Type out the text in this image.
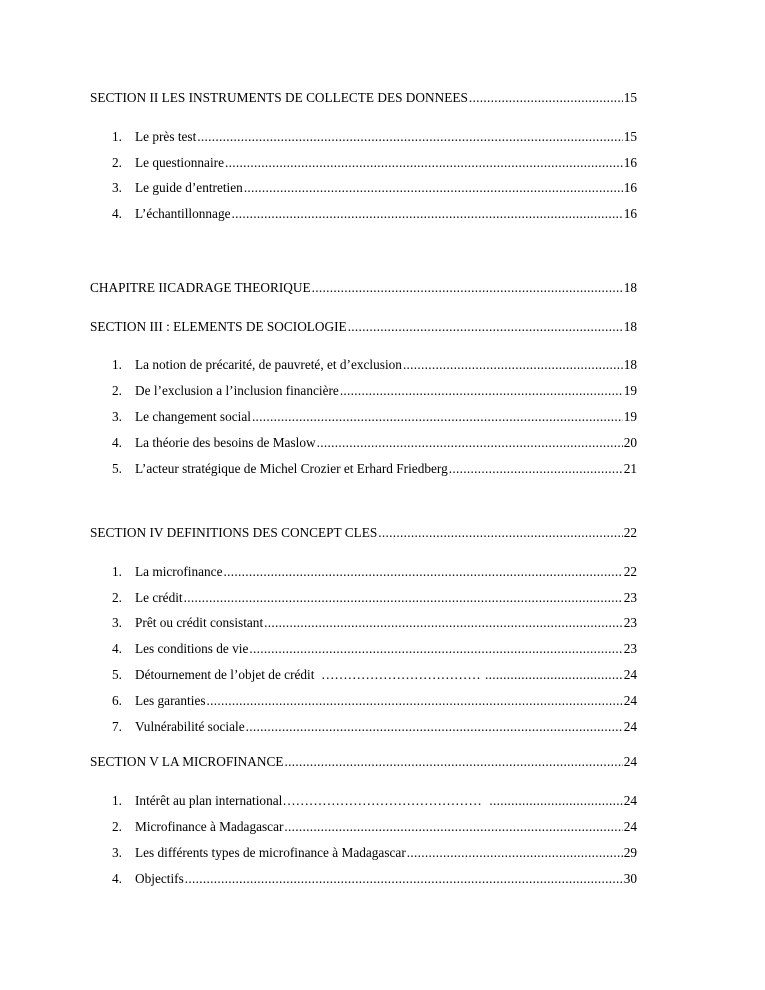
SECTION II LES INSTRUMENTS DE COLLECTE DES DONNEES .....	15
1. Le près test .....	15
2. Le questionnaire .....	16
3. Le guide d’entretien .....	16
4. L’échantillonnage .....	16
CHAPITRE IICADRAGE THEORIQUE .....	18
SECTION III : ELEMENTS DE SOCIOLOGIE .....	18
1. La notion de précarité, de pauvreté, et d’exclusion .....	18
2. De l’exclusion a l’inclusion financière .....	19
3. Le changement social .....	19
4. La théorie des besoins de Maslow .....	20
5. L’acteur stratégique de Michel Crozier et Erhard Friedberg .....	21
SECTION IV DEFINITIONS DES CONCEPT CLES .....	22
1. La microfinance .....	22
2. Le crédit .....	23
3. Prêt ou crédit consistant .....	23
4. Les conditions de vie .....	23
5. Détournement de l’objet de crédit ……………………………… .....	24
6. Les garanties .....	24
7. Vulnérabilité sociale .....	24
SECTION V LA MICROFINANCE .....	24
1. Intérêt au plan international ……………………………………… .....	24
2. Microfinance à Madagascar .....	24
3. Les différents types de microfinance à Madagascar .....	29
4. Objectifs .....	30
